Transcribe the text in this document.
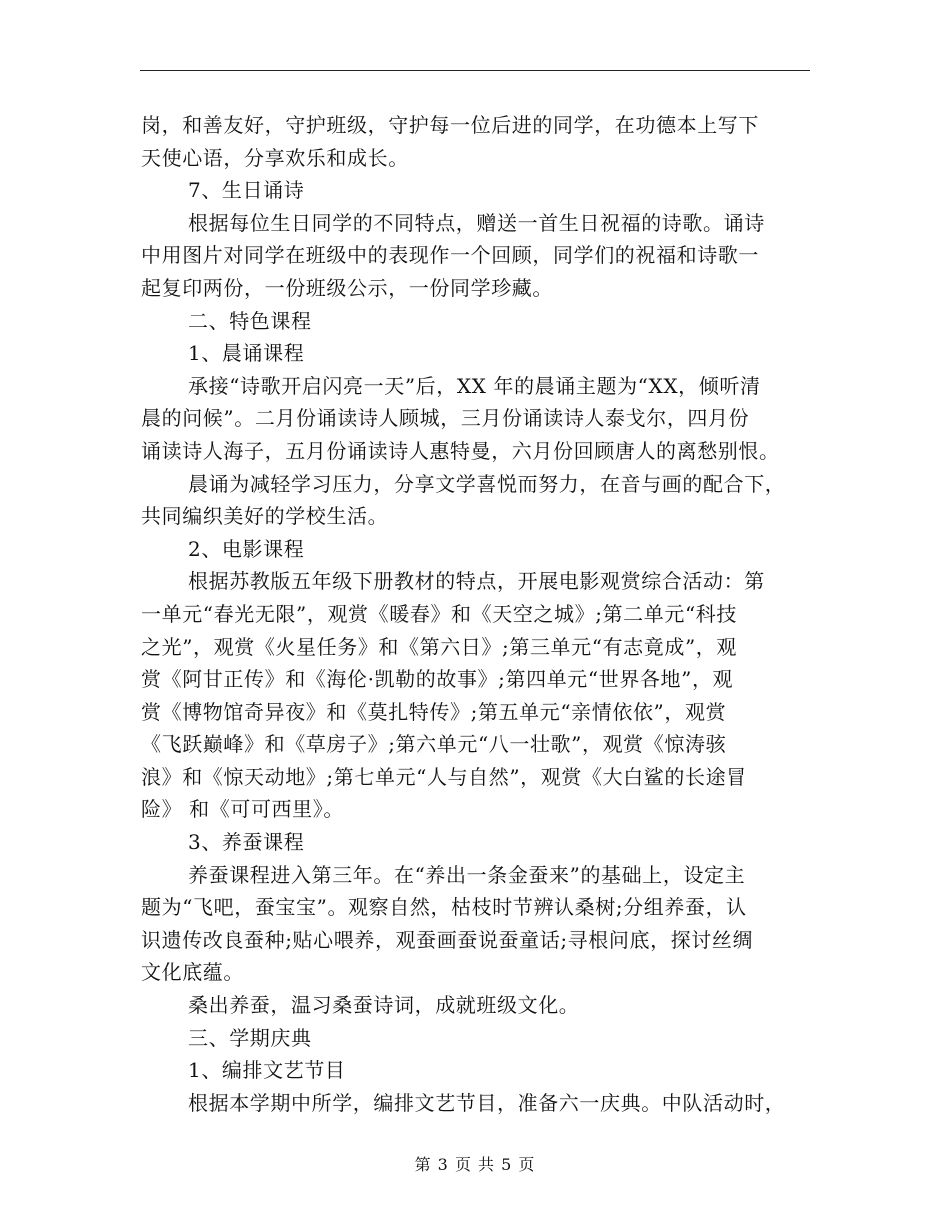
岗，和善友好，守护班级，守护每一位后进的同学，在功德本上写下
天使心语，分享欢乐和成长。
7、生日诵诗
根据每位生日同学的不同特点，赠送一首生日祝福的诗歌。诵诗
中用图片对同学在班级中的表现作一个回顾，同学们的祝福和诗歌一
起复印两份，一份班级公示，一份同学珍藏。
二、特色课程
1、晨诵课程
承接“诗歌开启闪亮一天”后，XX 年的晨诵主题为“XX，倾听清
晨的问候”。二月份诵读诗人顾城，三月份诵读诗人泰戈尔，四月份
诵读诗人海子，五月份诵读诗人惠特曼，六月份回顾唐人的离愁别恨。
晨诵为减轻学习压力，分享文学喜悦而努力，在音与画的配合下，
共同编织美好的学校生活。
2、电影课程
根据苏教版五年级下册教材的特点，开展电影观赏综合活动：第
一单元“春光无限”，观赏《暖春》和《天空之城》;第二单元“科技
之光”，观赏《火星任务》和《第六日》;第三单元“有志竟成”，观
赏《阿甘正传》和《海伦·凯勒的故事》;第四单元“世界各地”，观
赏《博物馆奇异夜》和《莫扎特传》;第五单元“亲情依依”，观赏
《飞跃巅峰》和《草房子》;第六单元“八一壮歌”，观赏《惊涛骇
浪》和《惊天动地》;第七单元“人与自然”，观赏《大白鲨的长途冒
险》 和《可可西里》。
3、养蚕课程
养蚕课程进入第三年。在“养出一条金蚕来”的基础上，设定主
题为“飞吧，蚕宝宝”。观察自然，枯枝时节辨认桑树;分组养蚕，认
识遗传改良蚕种;贴心喂养，观蚕画蚕说蚕童话;寻根问底，探讨丝绸
文化底蕴。
桑出养蚕，温习桑蚕诗词，成就班级文化。
三、学期庆典
1、编排文艺节目
根据本学期中所学，编排文艺节目，准备六一庆典。中队活动时，
第 3 页 共 5 页
